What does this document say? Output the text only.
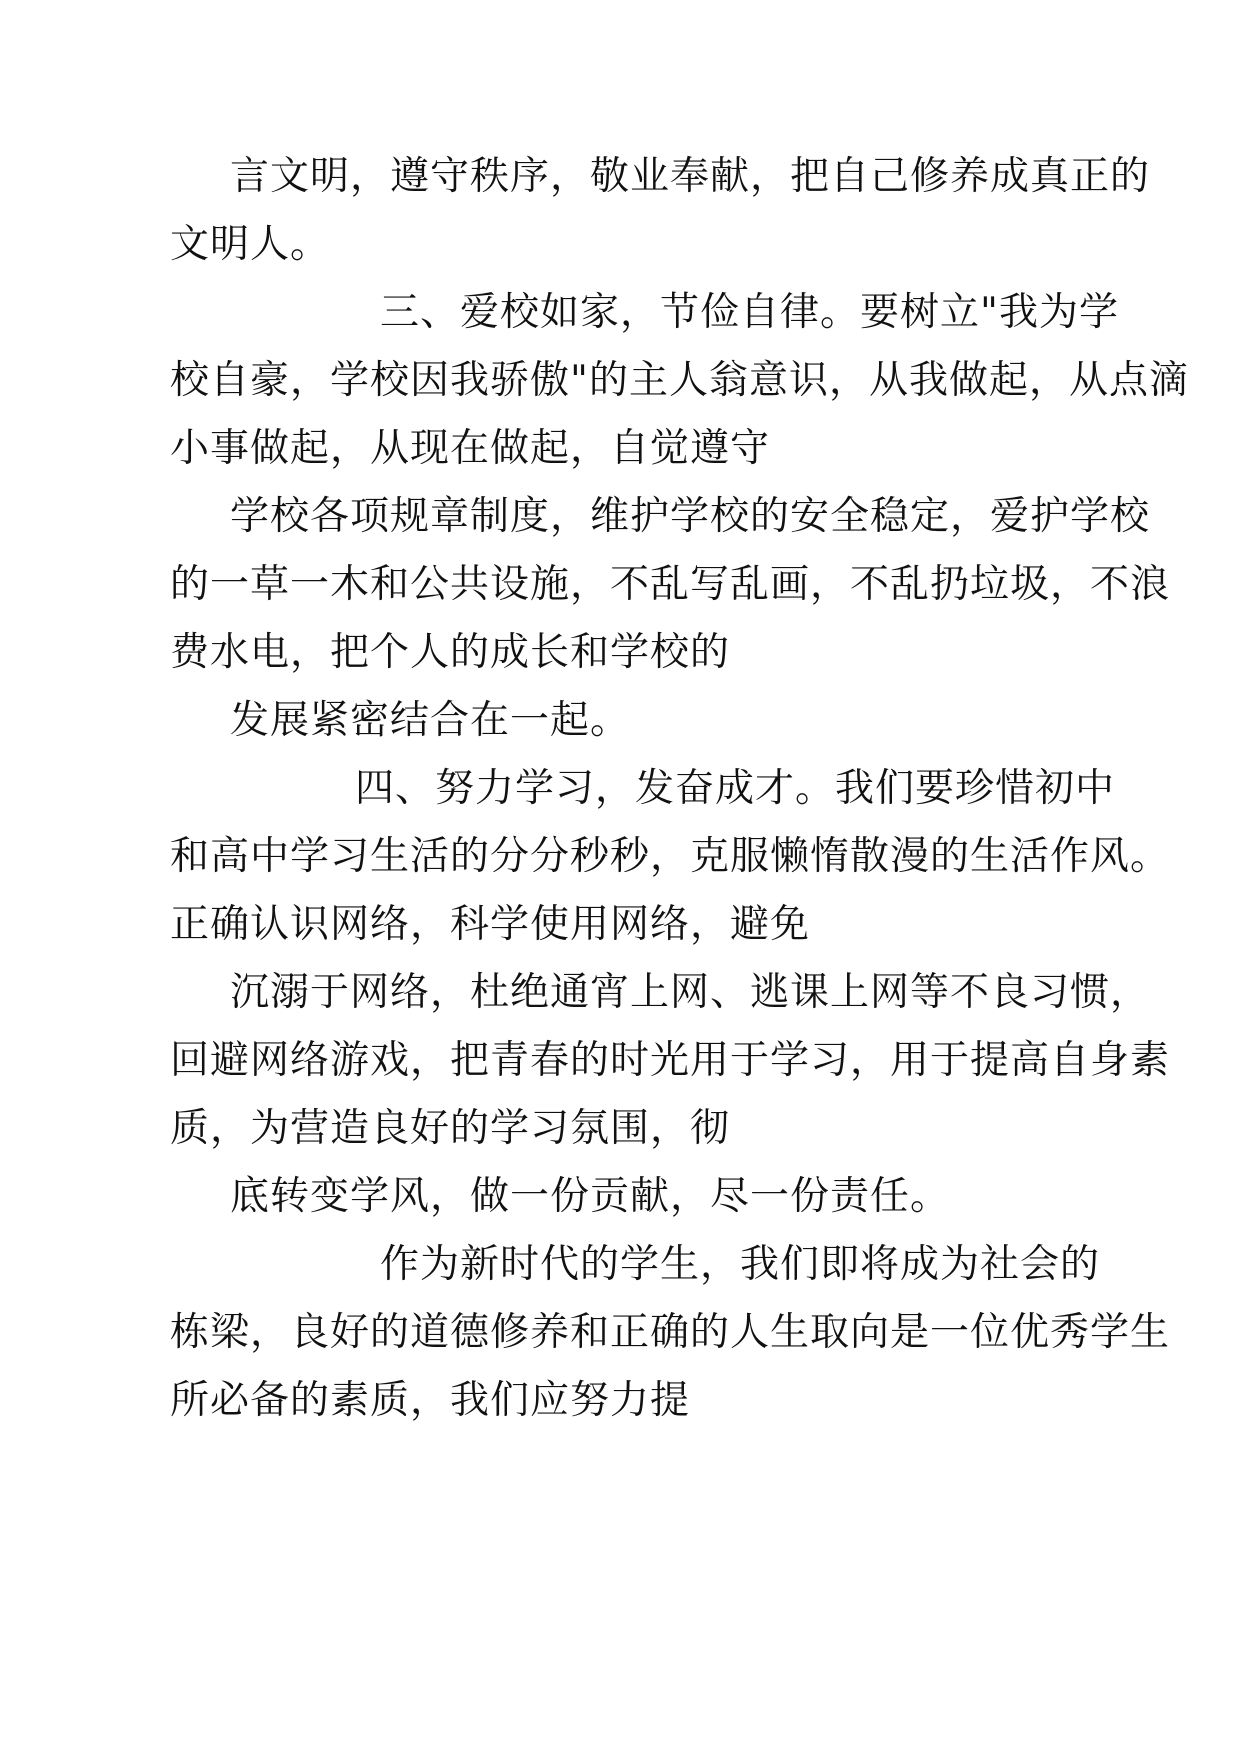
言文明，遵守秩序，敬业奉献，把自己修养成真正的
文明人。
三、爱校如家，节俭自律。要树立"我为学
校自豪，学校因我骄傲"的主人翁意识，从我做起，从点滴
小事做起，从现在做起，自觉遵守
学校各项规章制度，维护学校的安全稳定，爱护学校
的一草一木和公共设施，不乱写乱画，不乱扔垃圾，不浪
费水电，把个人的成长和学校的
发展紧密结合在一起。
四、努力学习，发奋成才。我们要珍惜初中
和高中学习生活的分分秒秒，克服懒惰散漫的生活作风。
正确认识网络，科学使用网络，避免
沉溺于网络，杜绝通宵上网、逃课上网等不良习惯，
回避网络游戏，把青春的时光用于学习，用于提高自身素
质，为营造良好的学习氛围，彻
底转变学风，做一份贡献，尽一份责任。
作为新时代的学生，我们即将成为社会的
栋梁，良好的道德修养和正确的人生取向是一位优秀学生
所必备的素质，我们应努力提
